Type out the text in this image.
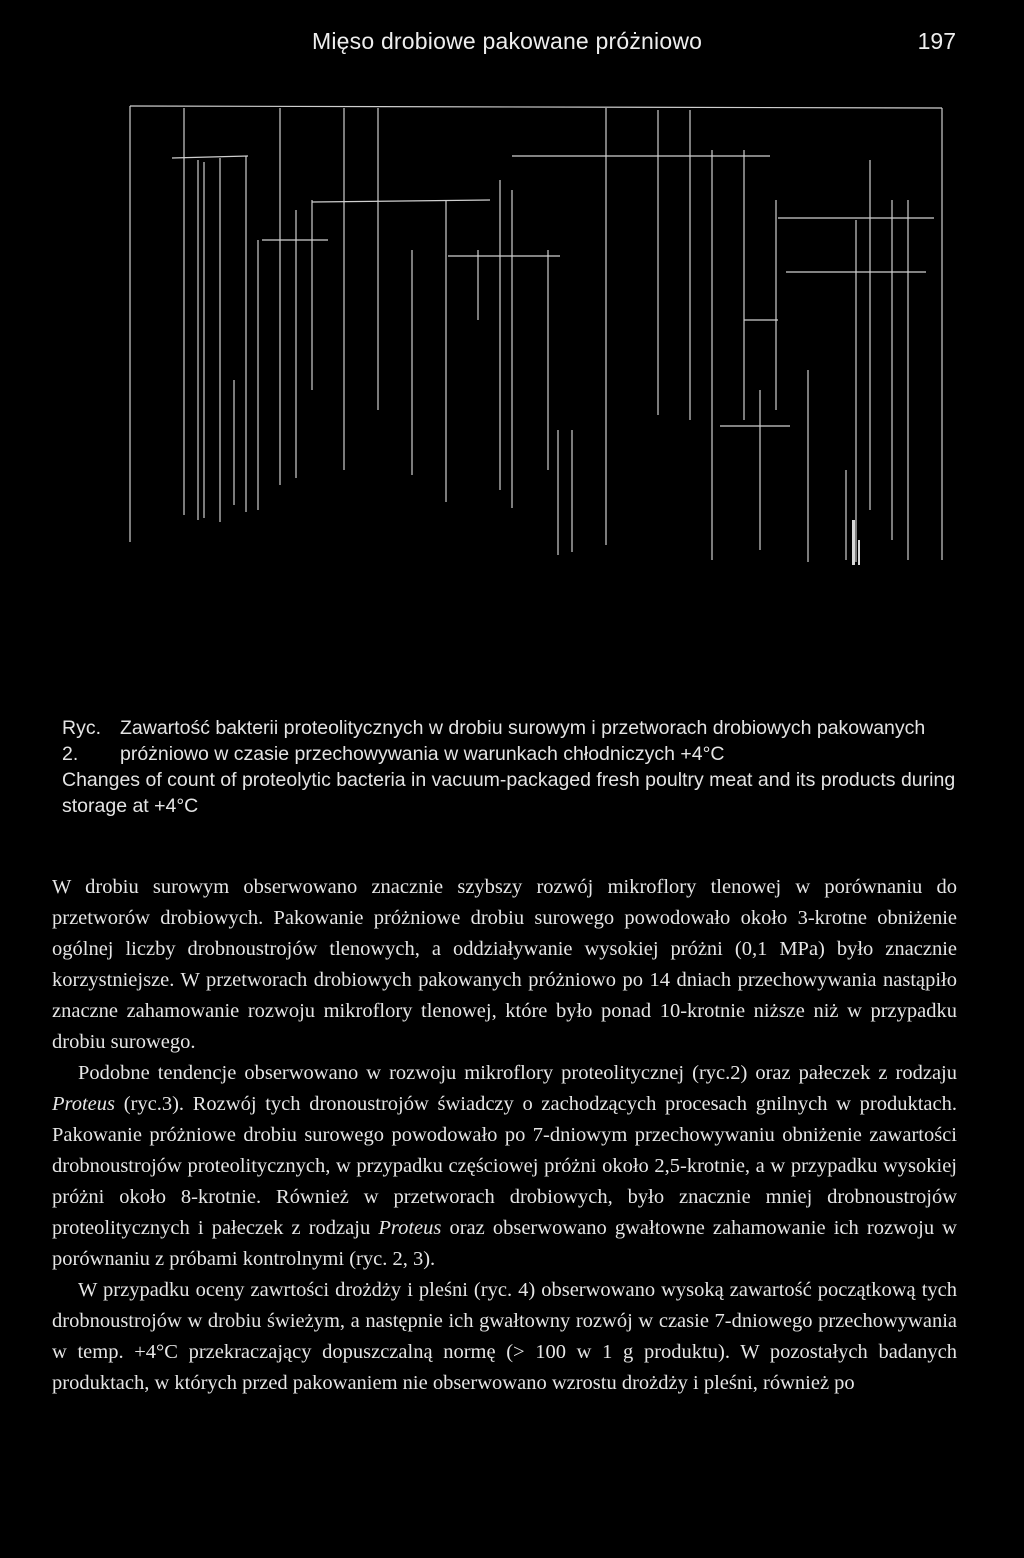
Mięso drobiowe pakowane próżniowo	197
Ryc. 2.
Zawartość bakterii proteolitycznych w drobiu surowym i przetworach drobiowych pakowanych próżniowo w czasie przechowywania w warunkach chłodniczych +4°C
Changes of count of proteolytic bacteria in vacuum-packaged fresh poultry meat and its products during storage at +4°C

W drobiu surowym obserwowano znacznie szybszy rozwój mikroflory tlenowej w porównaniu do przetworów drobiowych. Pakowanie próżniowe drobiu surowego powodowało około 3-krotne obniżenie ogólnej liczby drobnoustrojów tlenowych, a oddziaływanie wysokiej próżni (0,1 MPa) było znacznie korzystniejsze. W przetworach drobiowych pakowanych próżniowo po 14 dniach przechowywania nastąpiło znaczne zahamowanie rozwoju mikroflory tlenowej, które było ponad 10-krotnie niższe niż w przypadku drobiu surowego.

Podobne tendencje obserwowano w rozwoju mikroflory proteolitycznej (ryc.2) oraz pałeczek z rodzaju Proteus (ryc.3). Rozwój tych dronoustrojów świadczy o zachodzących procesach gnilnych w produktach. Pakowanie próżniowe drobiu surowego powodowało po 7-dniowym przechowywaniu obniżenie zawartości drobnoustrojów proteolitycznych, w przypadku częściowej próżni około 2,5-krotnie, a w przypadku wysokiej próżni około 8-krotnie. Również w przetworach drobiowych, było znacznie mniej drobnoustrojów proteolitycznych i pałeczek z rodzaju Proteus oraz obserwowano gwałtowne zahamowanie ich rozwoju w porównaniu z próbami kontrolnymi (ryc. 2, 3).

W przypadku oceny zawrtości drożdży i pleśni (ryc. 4) obserwowano wysoką zawartość początkową tych drobnoustrojów w drobiu świeżym, a następnie ich gwałtowny rozwój w czasie 7-dniowego przechowywania w temp. +4°C przekraczający dopuszczalną normę (> 100 w 1 g produktu). W pozostałych badanych produktach, w których przed pakowaniem nie obserwowano wzrostu drożdży i pleśni, również po
